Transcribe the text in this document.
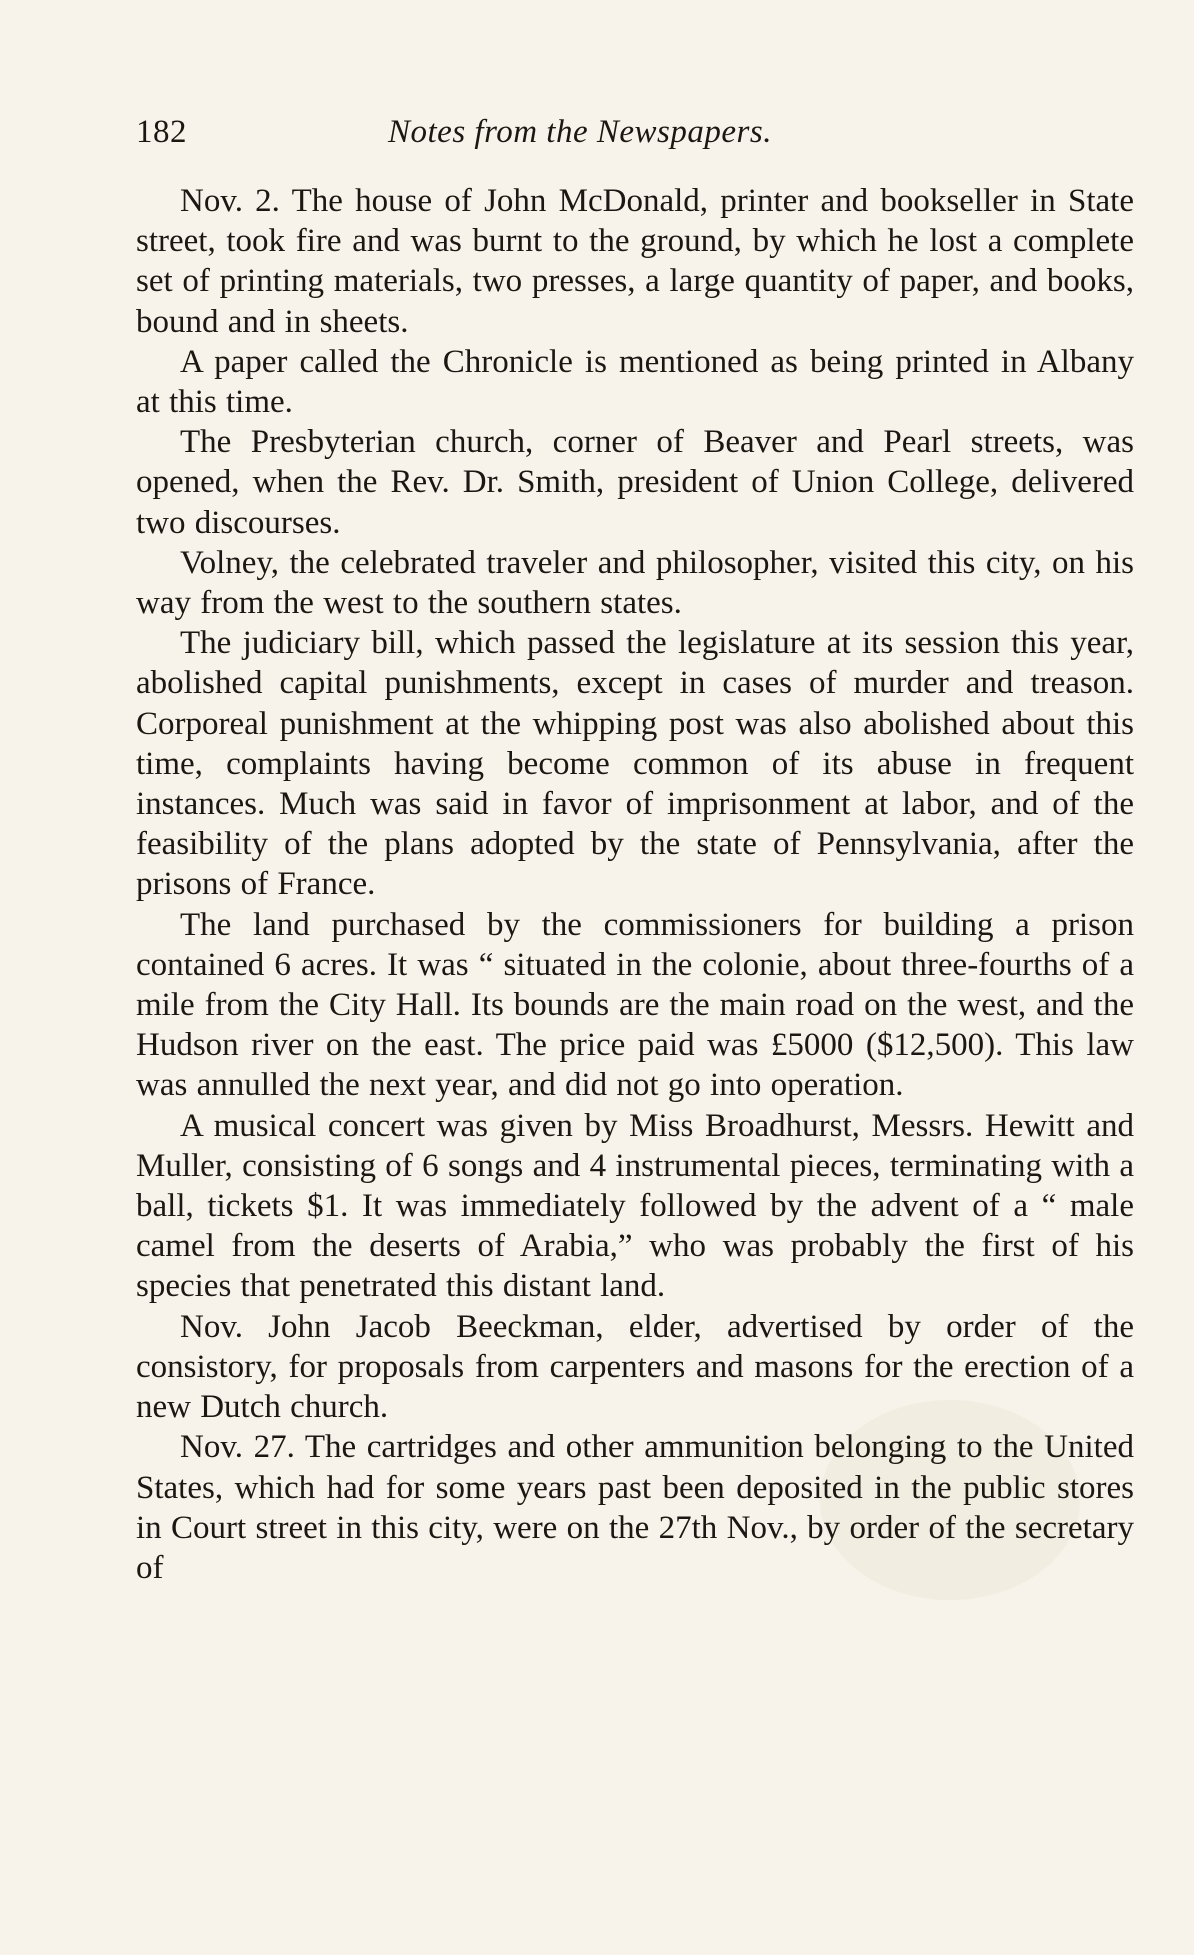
182	Notes from the Newspapers.

Nov. 2. The house of John McDonald, printer and bookseller in State street, took fire and was burnt to the ground, by which he lost a complete set of printing materials, two presses, a large quantity of paper, and books, bound and in sheets.

A paper called the Chronicle is mentioned as being printed in Albany at this time.

The Presbyterian church, corner of Beaver and Pearl streets, was opened, when the Rev. Dr. Smith, president of Union College, delivered two discourses.

Volney, the celebrated traveler and philosopher, visited this city, on his way from the west to the southern states.

The judiciary bill, which passed the legislature at its session this year, abolished capital punishments, except in cases of murder and treason. Corporeal punishment at the whipping post was also abolished about this time, complaints having become common of its abuse in frequent instances. Much was said in favor of imprisonment at labor, and of the feasibility of the plans adopted by the state of Pennsylvania, after the prisons of France.

The land purchased by the commissioners for building a prison contained 6 acres. It was “ situated in the colonie, about three-fourths of a mile from the City Hall. Its bounds are the main road on the west, and the Hudson river on the east. The price paid was £5000 ($12,500). This law was annulled the next year, and did not go into operation.

A musical concert was given by Miss Broadhurst, Messrs. Hewitt and Muller, consisting of 6 songs and 4 instrumental pieces, terminating with a ball, tickets $1. It was immediately followed by the advent of a “ male camel from the deserts of Arabia,” who was probably the first of his species that penetrated this distant land.

Nov. John Jacob Beeckman, elder, advertised by order of the consistory, for proposals from carpenters and masons for the erection of a new Dutch church.

Nov. 27. The cartridges and other ammunition belonging to the United States, which had for some years past been deposited in the public stores in Court street in this city, were on the 27th Nov., by order of the secretary of
